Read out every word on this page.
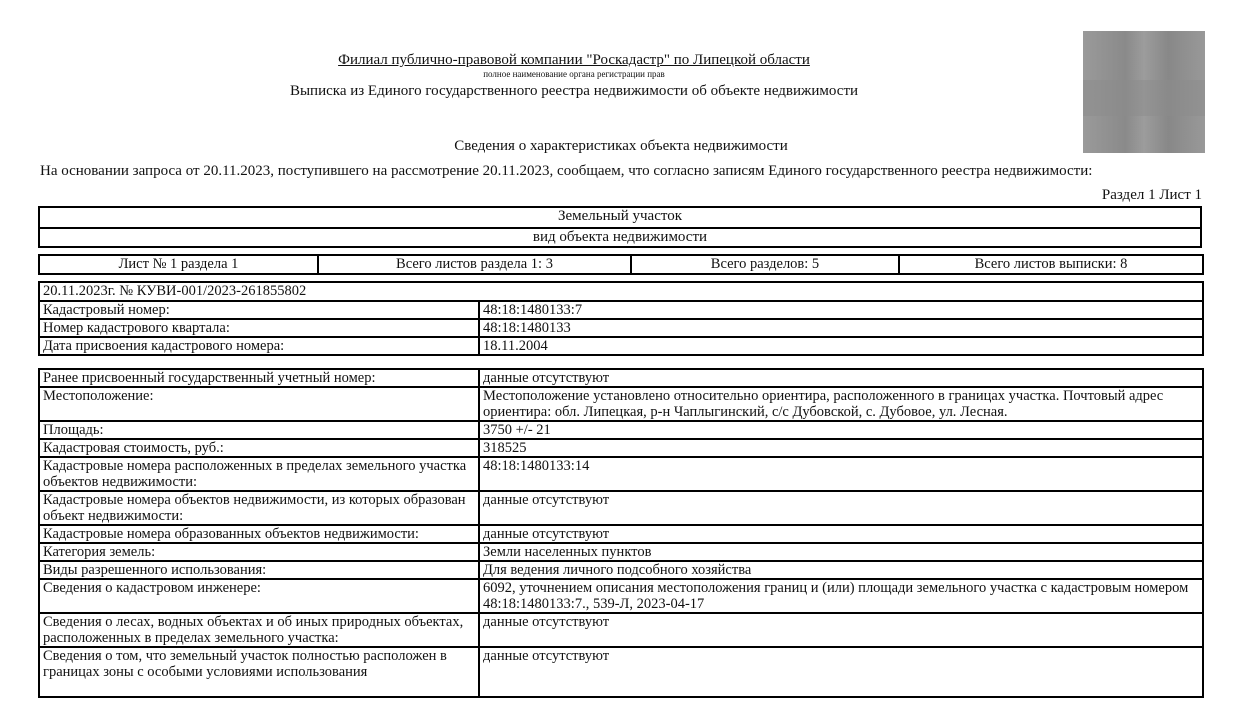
Филиал публично-правовой компании "Роскадастр" по Липецкой области
полное наименование органа регистрации прав
Выписка из Единого государственного реестра недвижимости об объекте недвижимости
Сведения о характеристиках объекта недвижимости
На основании запроса от 20.11.2023, поступившего на рассмотрение 20.11.2023, сообщаем, что согласно записям Единого государственного реестра недвижимости:
Раздел 1 Лист 1
Земельный участок
вид объекта недвижимости
Лист № 1 раздела 1	Всего листов раздела 1: 3	Всего разделов: 5	Всего листов выписки: 8
20.11.2023г. № КУВИ-001/2023-261855802	
Кадастровый номер:	48:18:1480133:7
Номер кадастрового квартала:	48:18:1480133
Дата присвоения кадастрового номера:	18.11.2004
Ранее присвоенный государственный учетный номер:	данные отсутствуют
Местоположение:	Местоположение установлено относительно ориентира, расположенного в границах участка. Почтовый адрес ориентира: обл. Липецкая, р-н Чаплыгинский, с/с Дубовской, с. Дубовое, ул. Лесная.
Площадь:	3750 +/- 21
Кадастровая стоимость, руб.:	318525
Кадастровые номера расположенных в пределах земельного участка объектов недвижимости:	48:18:1480133:14
Кадастровые номера объектов недвижимости, из которых образован объект недвижимости:	данные отсутствуют
Кадастровые номера образованных объектов недвижимости:	данные отсутствуют
Категория земель:	Земли населенных пунктов
Виды разрешенного использования:	Для ведения личного подсобного хозяйства
Сведения о кадастровом инженере:	6092, уточнением описания местоположения границ и (или) площади земельного участка с кадастровым номером 48:18:1480133:7., 539-Л, 2023-04-17
Сведения о лесах, водных объектах и об иных природных объектах, расположенных в пределах земельного участка:	данные отсутствуют
Сведения о том, что земельный участок полностью расположен в границах зоны с особыми условиями использования	данные отсутствуют
